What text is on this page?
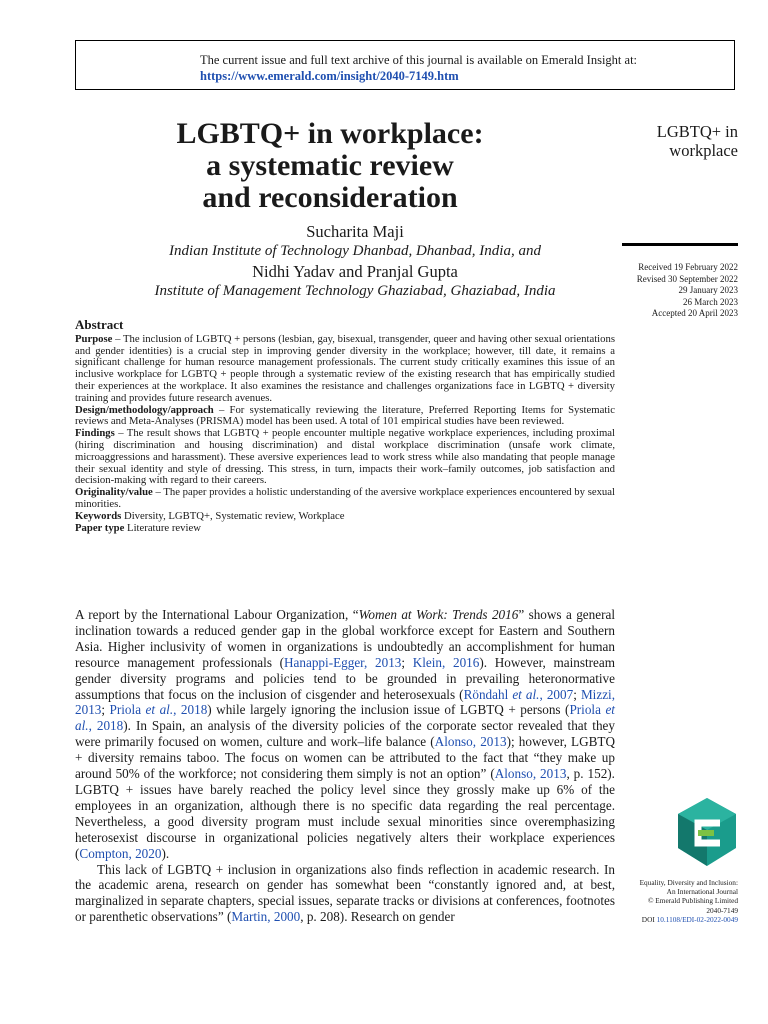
The current issue and full text archive of this journal is available on Emerald Insight at:
https://www.emerald.com/insight/2040-7149.htm
LGBTQ+ in workplace:
a systematic review
and reconsideration
Sucharita Maji
Indian Institute of Technology Dhanbad, Dhanbad, India, and
Nidhi Yadav and Pranjal Gupta
Institute of Management Technology Ghaziabad, Ghaziabad, India
LGBTQ+ in
workplace
Received 19 February 2022
Revised 30 September 2022
29 January 2023
26 March 2023
Accepted 20 April 2023
Abstract

Purpose – The inclusion of LGBTQ + persons (lesbian, gay, bisexual, transgender, queer and having other sexual orientations and gender identities) is a crucial step in improving gender diversity in the workplace; however, till date, it remains a significant challenge for human resource management professionals. The current study critically examines this issue of an inclusive workplace for LGBTQ + people through a systematic review of the existing research that has empirically studied their experiences at the workplace. It also examines the resistance and challenges organizations face in LGBTQ + diversity training and provides future research avenues.

Design/methodology/approach – For systematically reviewing the literature, Preferred Reporting Items for Systematic reviews and Meta-Analyses (PRISMA) model has been used. A total of 101 empirical studies have been reviewed.

Findings – The result shows that LGBTQ + people encounter multiple negative workplace experiences, including proximal (hiring discrimination and housing discrimination) and distal workplace discrimination (unsafe work climate, microaggressions and harassment). These aversive experiences lead to work stress while also mandating that people manage their sexual identity and style of dressing. This stress, in turn, impacts their work–family outcomes, job satisfaction and decision-making with regard to their careers.

Originality/value – The paper provides a holistic understanding of the aversive workplace experiences encountered by sexual minorities.

Keywords Diversity, LGBTQ+, Systematic review, Workplace

Paper type Literature review

A report by the International Labour Organization, “Women at Work: Trends 2016” shows a general inclination towards a reduced gender gap in the global workforce except for Eastern and Southern Asia. Higher inclusivity of women in organizations is undoubtedly an accomplishment for human resource management professionals (Hanappi-Egger, 2013; Klein, 2016). However, mainstream gender diversity programs and policies tend to be grounded in prevailing heteronormative assumptions that focus on the inclusion of cisgender and heterosexuals (Röndahl et al., 2007; Mizzi, 2013; Priola et al., 2018) while largely ignoring the inclusion issue of LGBTQ + persons (Priola et al., 2018). In Spain, an analysis of the diversity policies of the corporate sector revealed that they were primarily focused on women, culture and work–life balance (Alonso, 2013); however, LGBTQ + diversity remains taboo. The focus on women can be attributed to the fact that “they make up around 50% of the workforce; not considering them simply is not an option” (Alonso, 2013, p. 152). LGBTQ + issues have barely reached the policy level since they grossly make up 6% of the employees in an organization, although there is no specific data regarding the real percentage. Nevertheless, a good diversity program must include sexual minorities since overemphasizing heterosexist discourse in organizational policies negatively alters their workplace experiences (Compton, 2020).

This lack of LGBTQ + inclusion in organizations also finds reflection in academic research. In the academic arena, research on gender has somewhat been “constantly ignored and, at best, marginalized in separate chapters, special issues, separate tracks or divisions at conferences, footnotes or parenthetic observations” (Martin, 2000, p. 208). Research on gender

Equality, Diversity and Inclusion:
An International Journal
© Emerald Publishing Limited
2040-7149
DOI 10.1108/EDI-02-2022-0049
